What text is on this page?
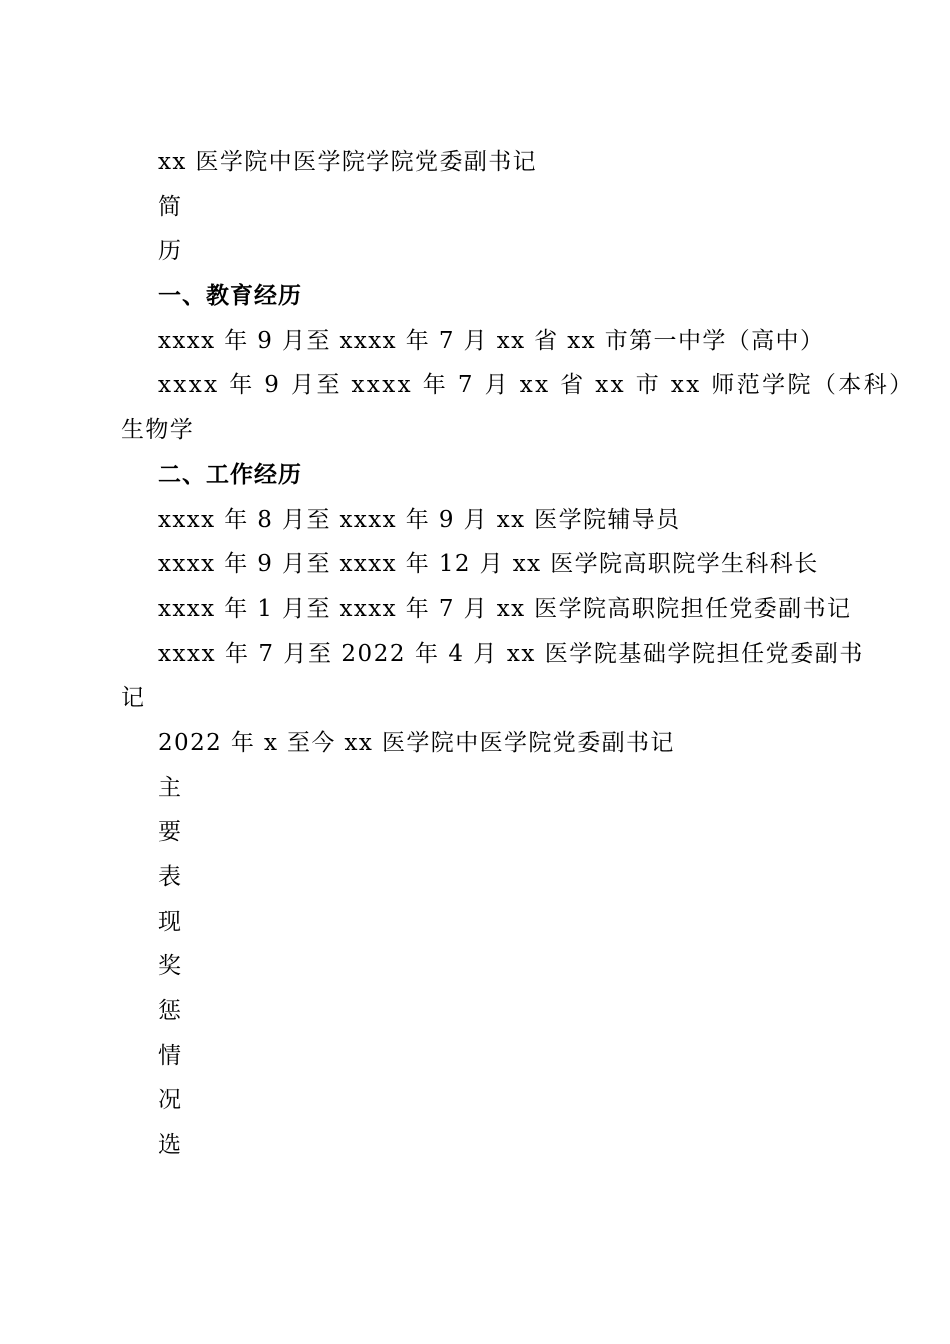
xx 医学院中医学院学院党委副书记
简
历
一、教育经历
xxxx 年 9 月至 xxxx 年 7 月 xx 省 xx 市第一中学（高中）
xxxx 年 9 月至 xxxx 年 7 月 xx 省 xx 市 xx 师范学院（本科）
生物学
二、工作经历
xxxx 年 8 月至 xxxx 年 9 月 xx 医学院辅导员
xxxx 年 9 月至 xxxx 年 12 月 xx 医学院高职院学生科科长
xxxx 年 1 月至 xxxx 年 7 月 xx 医学院高职院担任党委副书记
xxxx 年 7 月至 2022 年 4 月 xx 医学院基础学院担任党委副书
记
2022 年 x 至今 xx 医学院中医学院党委副书记
主
要
表
现
奖
惩
情
况
选
